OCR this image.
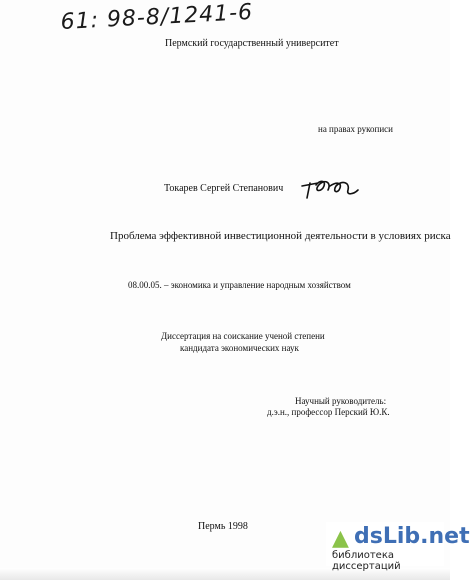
61: 98-8/1241-6
Пермский государственный университет
на правах рукописи
Токарев Сергей Степанович
Проблема эффективной инвестиционной деятельности в условиях риска
08.00.05. – экономика и управление народным хозяйством
Диссертация на соискание ученой степени
кандидата экономических наук
Научный руководитель:
д.э.н., профессор Перский Ю.К.
Пермь 1998	▲ dsLib.net
библиотека диссертаций
